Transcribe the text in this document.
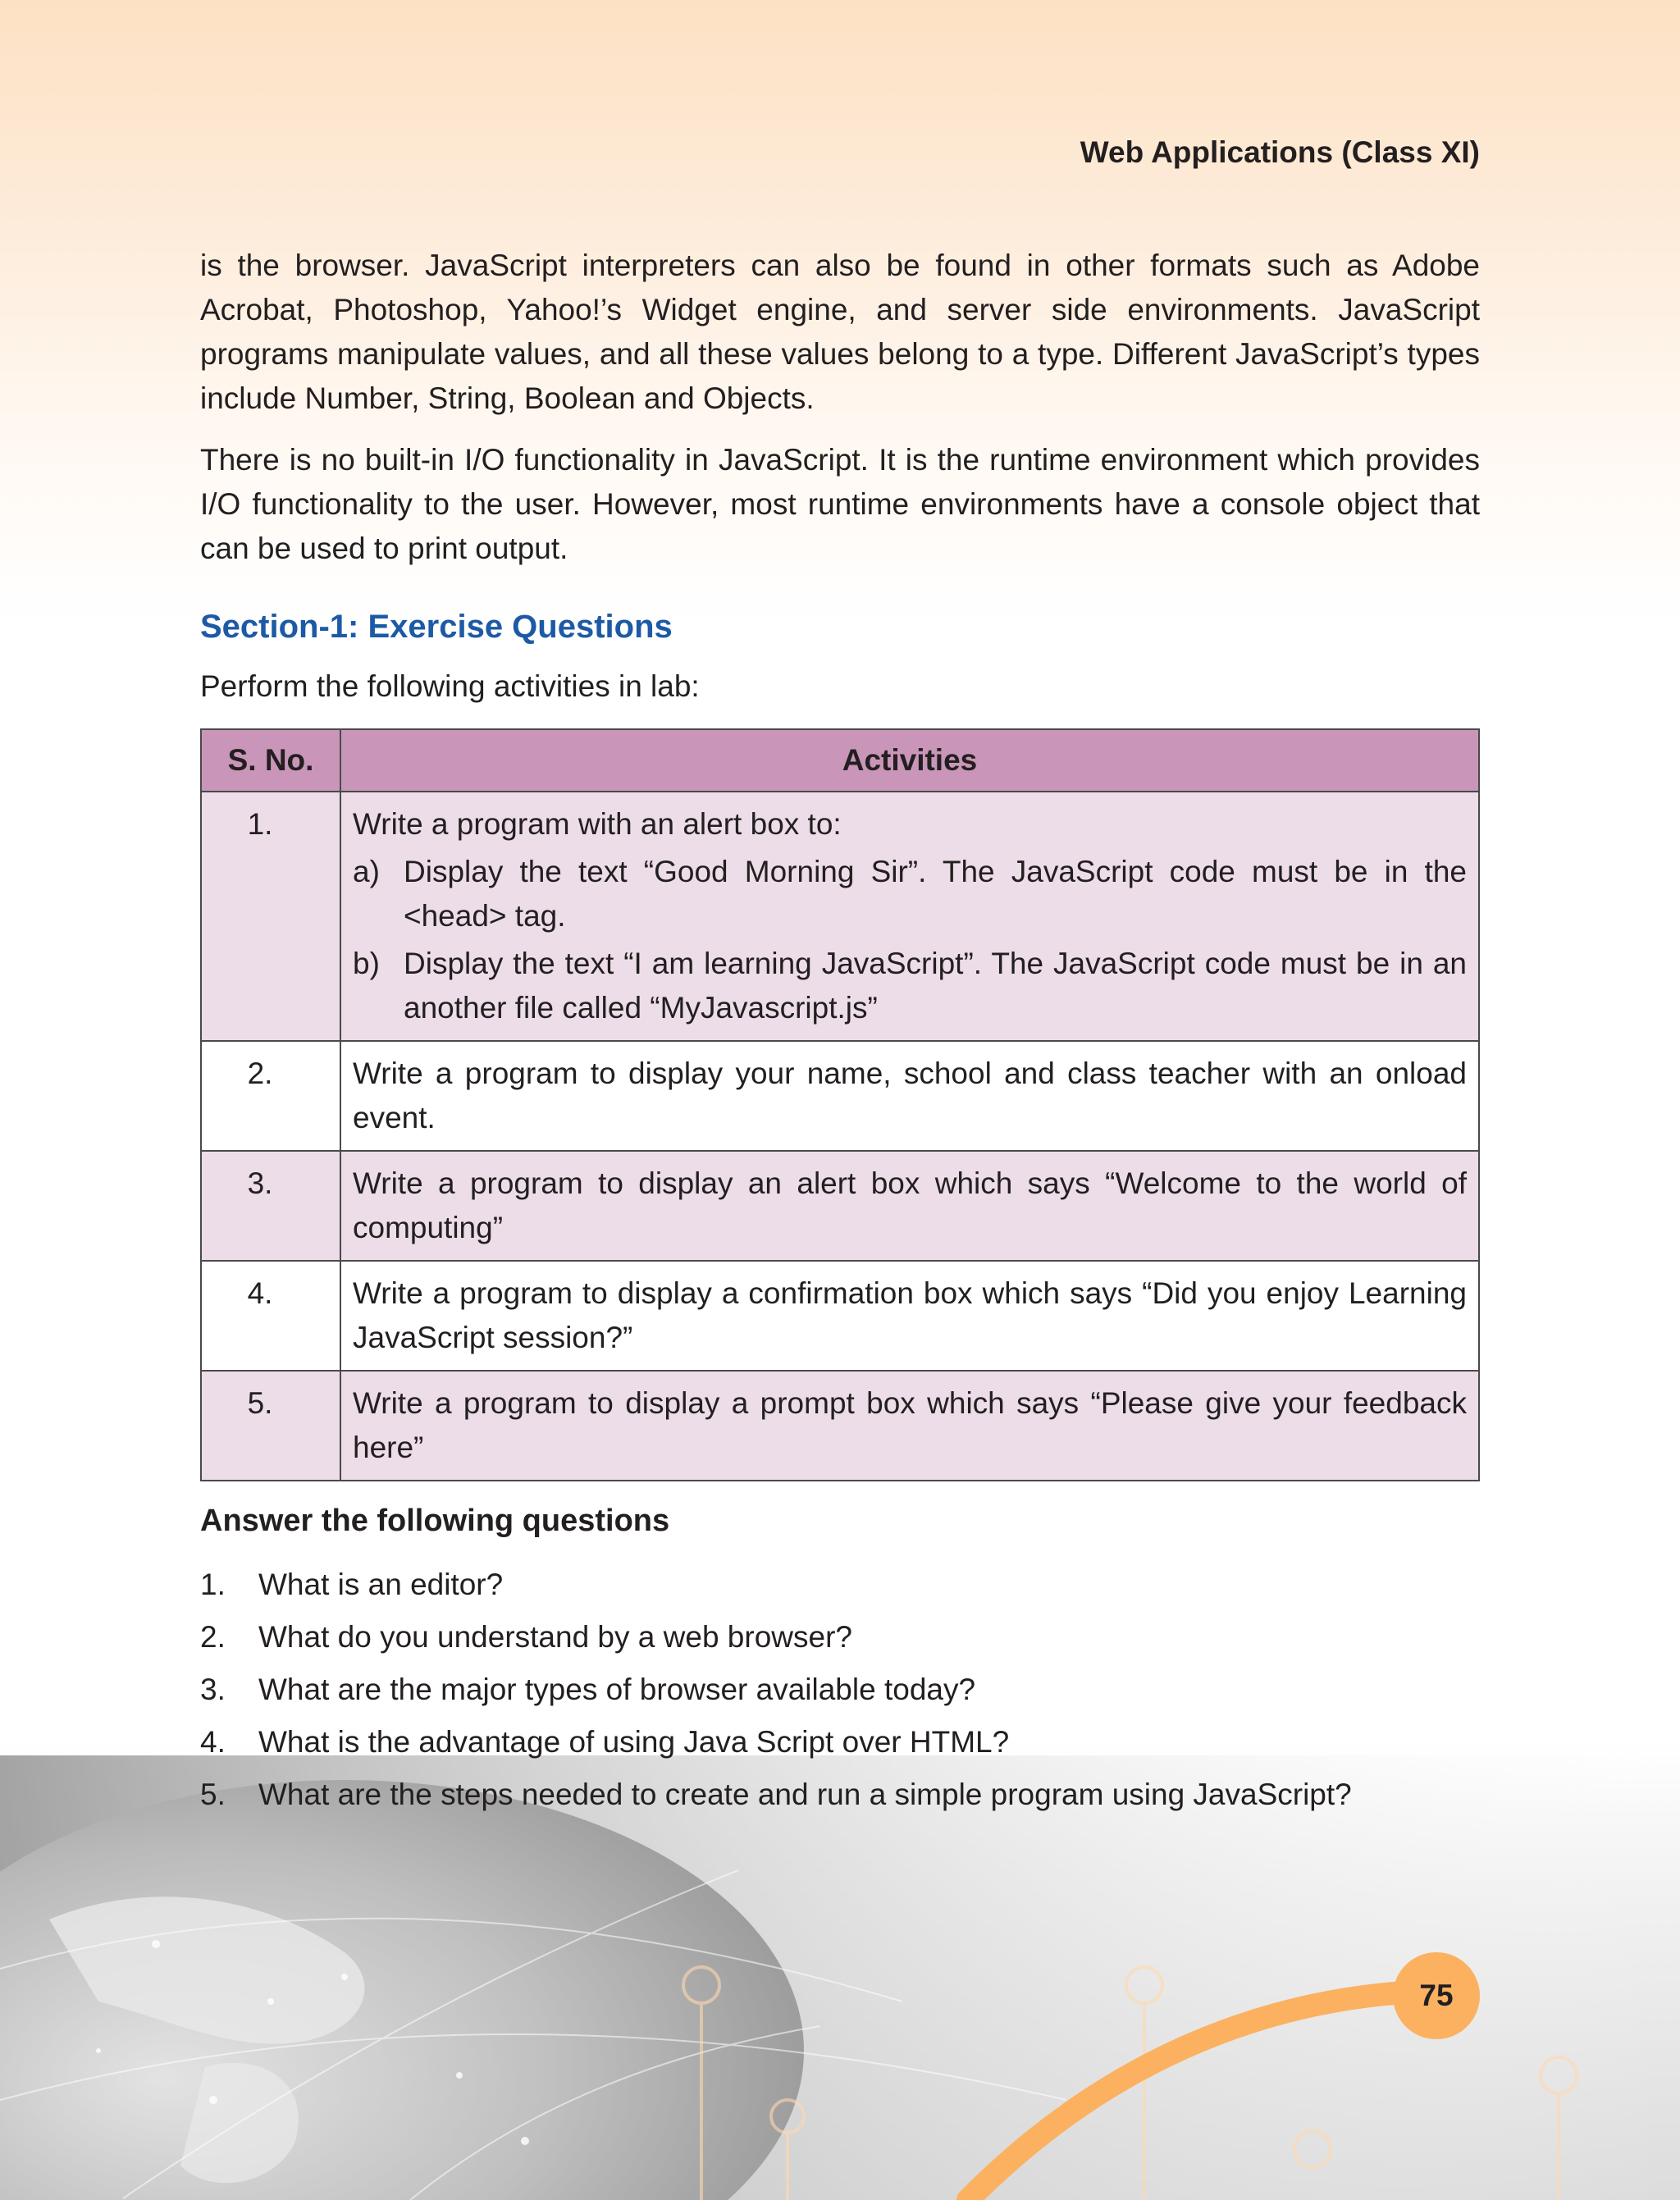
Web Applications (Class XI)

is the browser. JavaScript interpreters can also be found in other formats such as Adobe Acrobat, Photoshop, Yahoo!’s Widget engine, and server side environments. JavaScript programs manipulate values, and all these values belong to a type. Different JavaScript’s types include Number, String, Boolean and Objects.

There is no built-in I/O functionality in JavaScript. It is the runtime environment which provides I/O functionality to the user. However, most runtime environments have a console object that can be used to print output.

Section-1: Exercise Questions

Perform the following activities in lab:

S. No.	Activities
1.	Write a program with an alert box to:
a) Display the text “Good Morning Sir”. The JavaScript code must be in the <head> tag.
b) Display the text “I am learning JavaScript”. The JavaScript code must be in an another file called “MyJavascript.js”

2.	Write a program to display your name, school and class teacher with an onload event.
3.	Write a program to display an alert box which says “Welcome to the world of computing”
4.	Write a program to display a confirmation box which says “Did you enjoy Learning JavaScript session?”
5.	Write a program to display a prompt box which says “Please give your feedback here”
Answer the following questions
1.	What is an editor?
2.	What do you understand by a web browser?
3.	What are the major types of browser available today?
4.	What is the advantage of using Java Script over HTML?
5.	What are the steps needed to create and run a simple program using JavaScript?
75
